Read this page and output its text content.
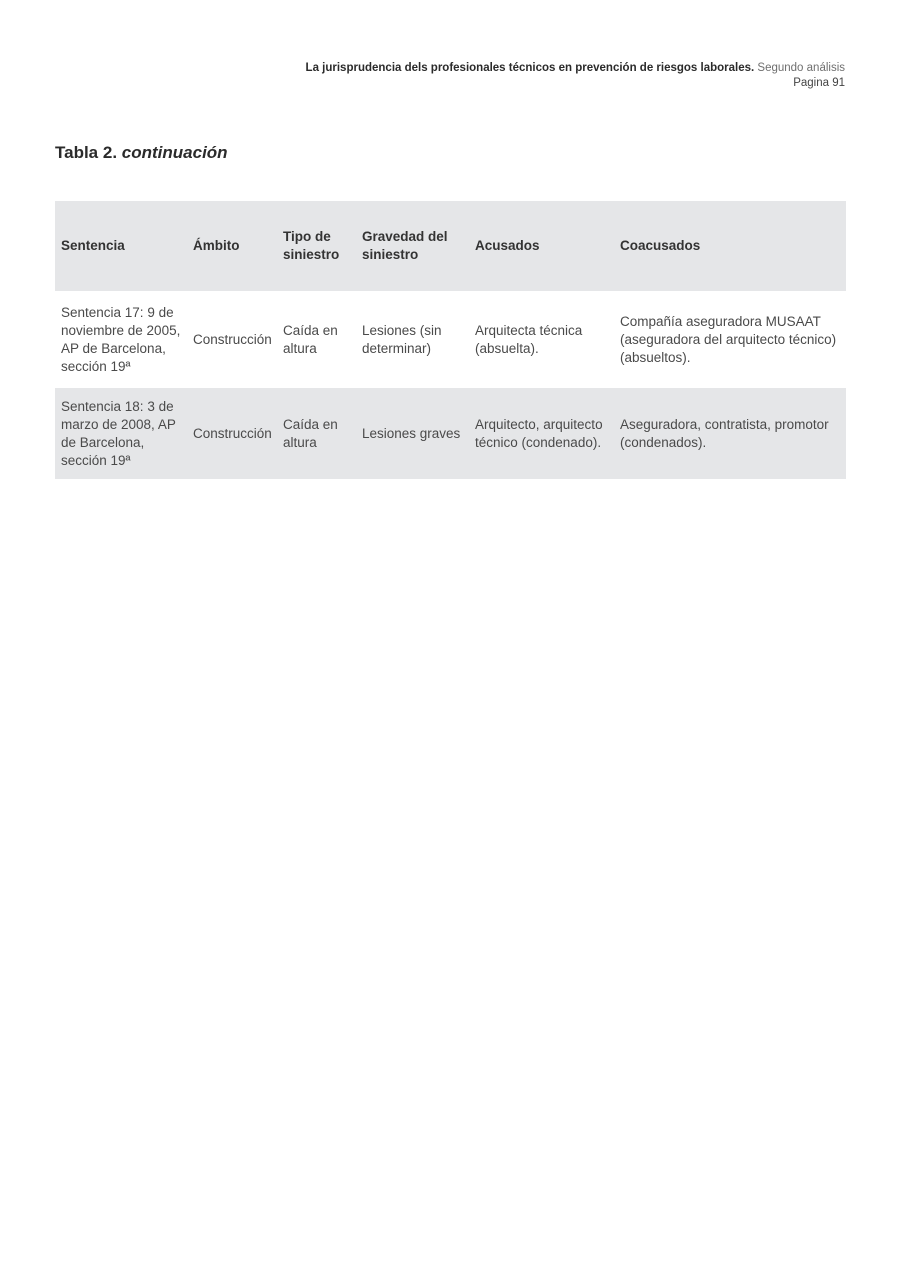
La jurisprudencia dels profesionales técnicos en prevención de riesgos laborales. Segundo análisis
Pagina 91
Tabla 2. continuación
Sentencia	Ámbito	Tipo de siniestro	Gravedad del siniestro	Acusados	Coacusados
Sentencia 17: 9 de noviembre de 2005, AP de Barcelona, sección 19ª	Construcción	Caída en altura	Lesiones (sin determinar)	Arquitecta técnica (absuelta).	Compañía aseguradora MUSAAT (aseguradora del arquitecto técnico) (absueltos).
Sentencia 18: 3 de marzo de 2008, AP de Barcelona, sección 19ª	Construcción	Caída en altura	Lesiones graves	Arquitecto, arquitecto técnico (condenado).	Aseguradora, contratista, promotor (condenados).
